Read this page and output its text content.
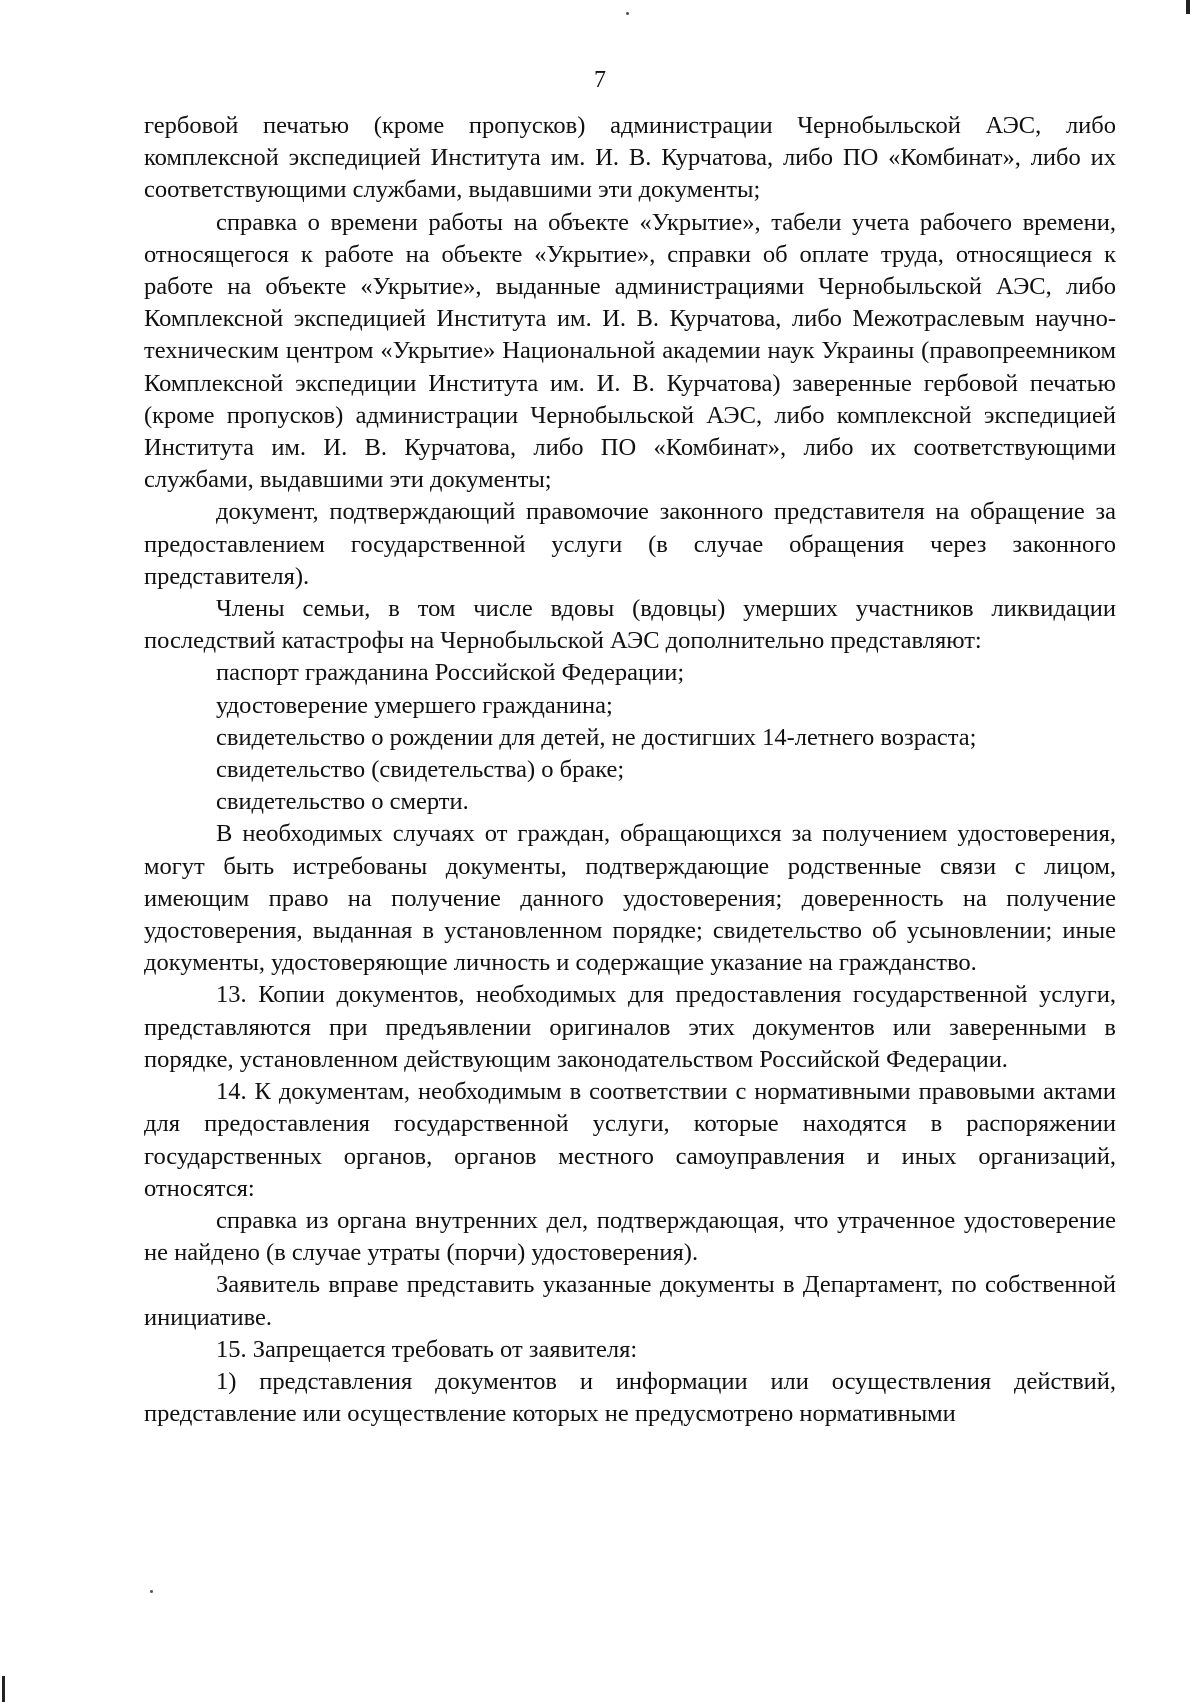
7

гербовой печатью (кроме пропусков) администрации Чернобыльской АЭС, либо комплексной экспедицией Института им. И. В. Курчатова, либо ПО «Комбинат», либо их соответствующими службами, выдавшими эти документы;

справка о времени работы на объекте «Укрытие», табели учета рабочего времени, относящегося к работе на объекте «Укрытие», справки об оплате труда, относящиеся к работе на объекте «Укрытие», выданные администрациями Чернобыльской АЭС, либо Комплексной экспедицией Института им. И. В. Курчатова, либо Межотраслевым научно-техническим центром «Укрытие» Национальной академии наук Украины (правопреемником Комплексной экспедиции Института им. И. В. Курчатова) заверенные гербовой печатью (кроме пропусков) администрации Чернобыльской АЭС, либо комплексной экспедицией Института им. И. В. Курчатова, либо ПО «Комбинат», либо их соответствующими службами, выдавшими эти документы;

документ, подтверждающий правомочие законного представителя на обращение за предоставлением государственной услуги (в случае обращения через законного представителя).

Члены семьи, в том числе вдовы (вдовцы) умерших участников ликвидации последствий катастрофы на Чернобыльской АЭС дополнительно представляют:

паспорт гражданина Российской Федерации;

удостоверение умершего гражданина;

свидетельство о рождении для детей, не достигших 14-летнего возраста;

свидетельство (свидетельства) о браке;

свидетельство о смерти.

В необходимых случаях от граждан, обращающихся за получением удостоверения, могут быть истребованы документы, подтверждающие родственные связи с лицом, имеющим право на получение данного удостоверения; доверенность на получение удостоверения, выданная в установленном порядке; свидетельство об усыновлении; иные документы, удостоверяющие личность и содержащие указание на гражданство.

13. Копии документов, необходимых для предоставления государственной услуги, представляются при предъявлении оригиналов этих документов или заверенными в порядке, установленном действующим законодательством Российской Федерации.

14. К документам, необходимым в соответствии с нормативными правовыми актами для предоставления государственной услуги, которые находятся в распоряжении государственных органов, органов местного самоуправления и иных организаций, относятся:

справка из органа внутренних дел, подтверждающая, что утраченное удостоверение не найдено (в случае утраты (порчи) удостоверения).

Заявитель вправе представить указанные документы в Департамент, по собственной инициативе.

15. Запрещается требовать от заявителя:

1) представления документов и информации или осуществления действий, представление или осуществление которых не предусмотрено нормативными
